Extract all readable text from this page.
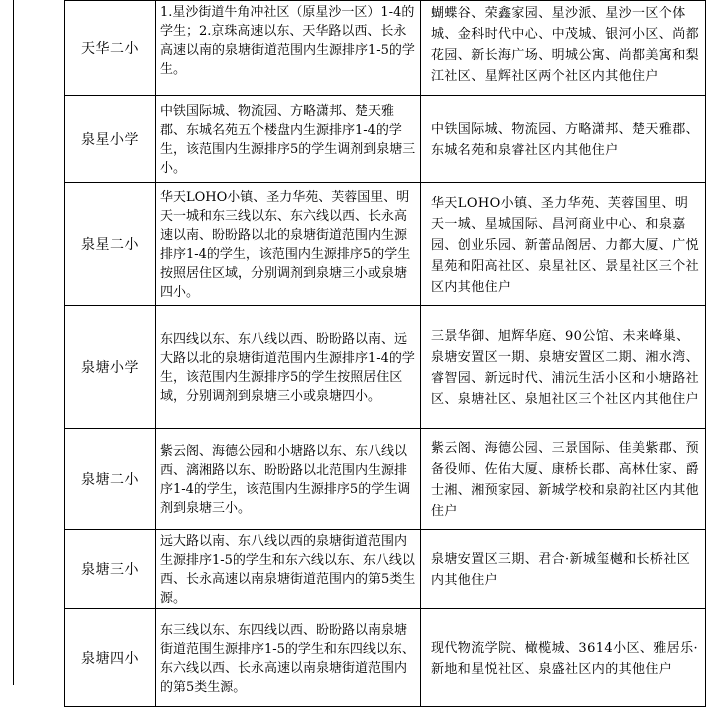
天华二小	1.星沙街道牛角冲社区（原星沙一区）1-4的学生；2.京珠高速以东、天华路以西、长永高速以南的泉塘街道范围内生源排序1-5的学生。	蝴蝶谷、荣鑫家园、星沙派、星沙一区个体城、金科时代中心、中茂城、银河小区、尚都花园、新长海广场、明城公寓、尚都美寓和梨江社区、星辉社区两个社区内其他住户
泉星小学	中铁国际城、物流园、方略潇邦、楚天雅郡、东城名苑五个楼盘内生源排序1-4的学生，该范围内生源排序5的学生调剂到泉塘三小。	中铁国际城、物流园、方略潇邦、楚天雅郡、东城名苑和泉睿社区内其他住户
泉星二小	华天LOHO小镇、圣力华苑、芙蓉国里、明天一城和东三线以东、东六线以西、长永高速以南、盼盼路以北的泉塘街道范围内生源排序1-4的学生，该范围内生源排序5的学生按照居住区域，分别调剂到泉塘三小或泉塘四小。	华天LOHO小镇、圣力华苑、芙蓉国里、明天一城、星城国际、昌河商业中心、和泉嘉园、创业乐园、新蕾品阁居、力都大厦、广悦星苑和阳高社区、泉星社区、景星社区三个社区内其他住户
泉塘小学	东四线以东、东八线以西、盼盼路以南、远大路以北的泉塘街道范围内生源排序1-4的学生，该范围内生源排序5的学生按照居住区域，分别调剂到泉塘三小或泉塘四小。	三景华御、旭辉华庭、90公馆、未来峰巢、泉塘安置区一期、泉塘安置区二期、湘水湾、睿智园、新远时代、浦沅生活小区和小塘路社区、泉塘社区、泉旭社区三个社区内其他住户
泉塘二小	紫云阁、海德公园和小塘路以东、东八线以西、漓湘路以东、盼盼路以北范围内生源排序1-4的学生，该范围内生源排序5的学生调剂到泉塘三小。	紫云阁、海德公园、三景国际、佳美紫郡、预备役师、佐佑大厦、康桥长郡、高林仕家、爵士湘、湘预家园、新城学校和泉韵社区内其他住户
泉塘三小	远大路以南、东八线以西的泉塘街道范围内生源排序1-5的学生和东六线以东、东八线以西、长永高速以南泉塘街道范围内的第5类生源。	泉塘安置区三期、君合·新城玺樾和长桥社区内其他住户
泉塘四小	东三线以东、东四线以西、盼盼路以南泉塘街道范围生源排序1-5的学生和东四线以东、东六线以西、长永高速以南泉塘街道范围内的第5类生源。	现代物流学院、橄榄城、3614小区、雅居乐·新地和星悦社区、泉盛社区内的其他住户
